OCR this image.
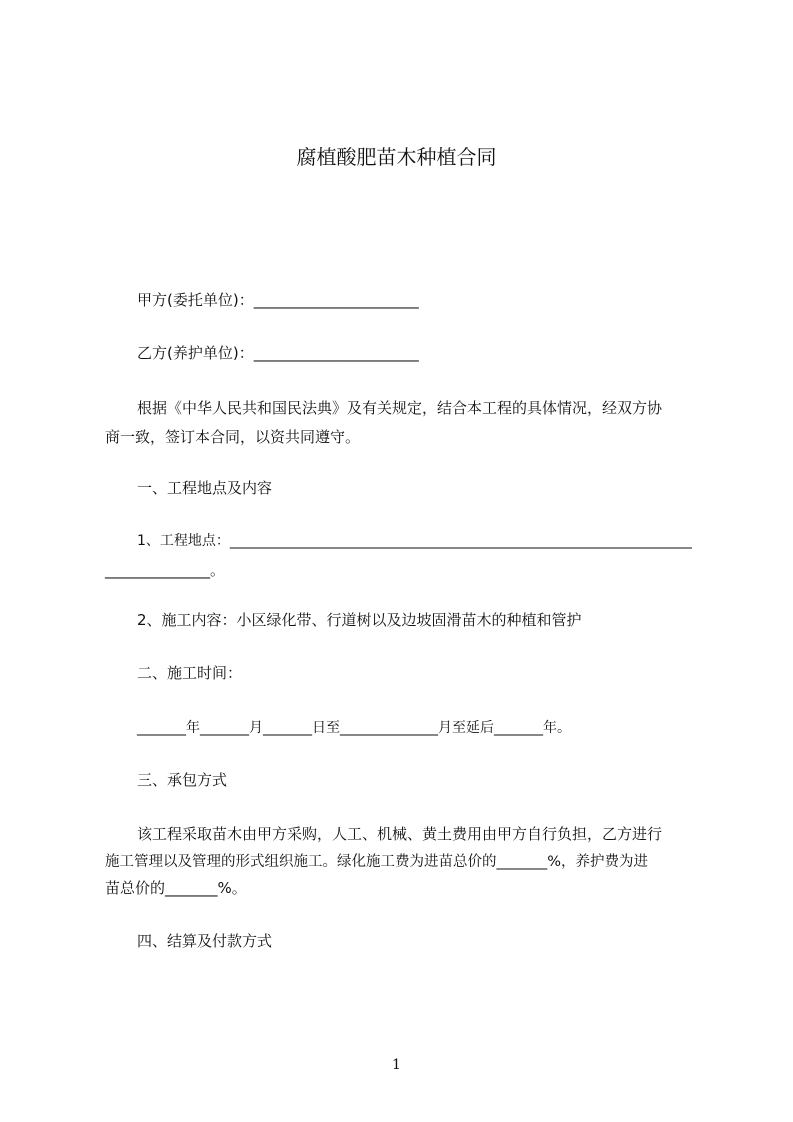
腐植酸肥苗木种植合同
甲方(委托单位)：______________________
乙方(养护单位)：______________________
根据《中华人民共和国民法典》及有关规定，结合本工程的具体情况，经双方协
商一致，签订本合同，以资共同遵守。
一、工程地点及内容
1、工程地点：__________________________________________________________________
______________。
2、施工内容：小区绿化带、行道树以及边坡固滑苗木的种植和管护
二、施工时间：
_______年_______月_______日至______________月至延后_______年。
三、承包方式
该工程采取苗木由甲方采购，人工、机械、黄土费用由甲方自行负担，乙方进行
施工管理以及管理的形式组织施工。绿化施工费为进苗总价的_______%，养护费为进
苗总价的_______%。
四、结算及付款方式
1
